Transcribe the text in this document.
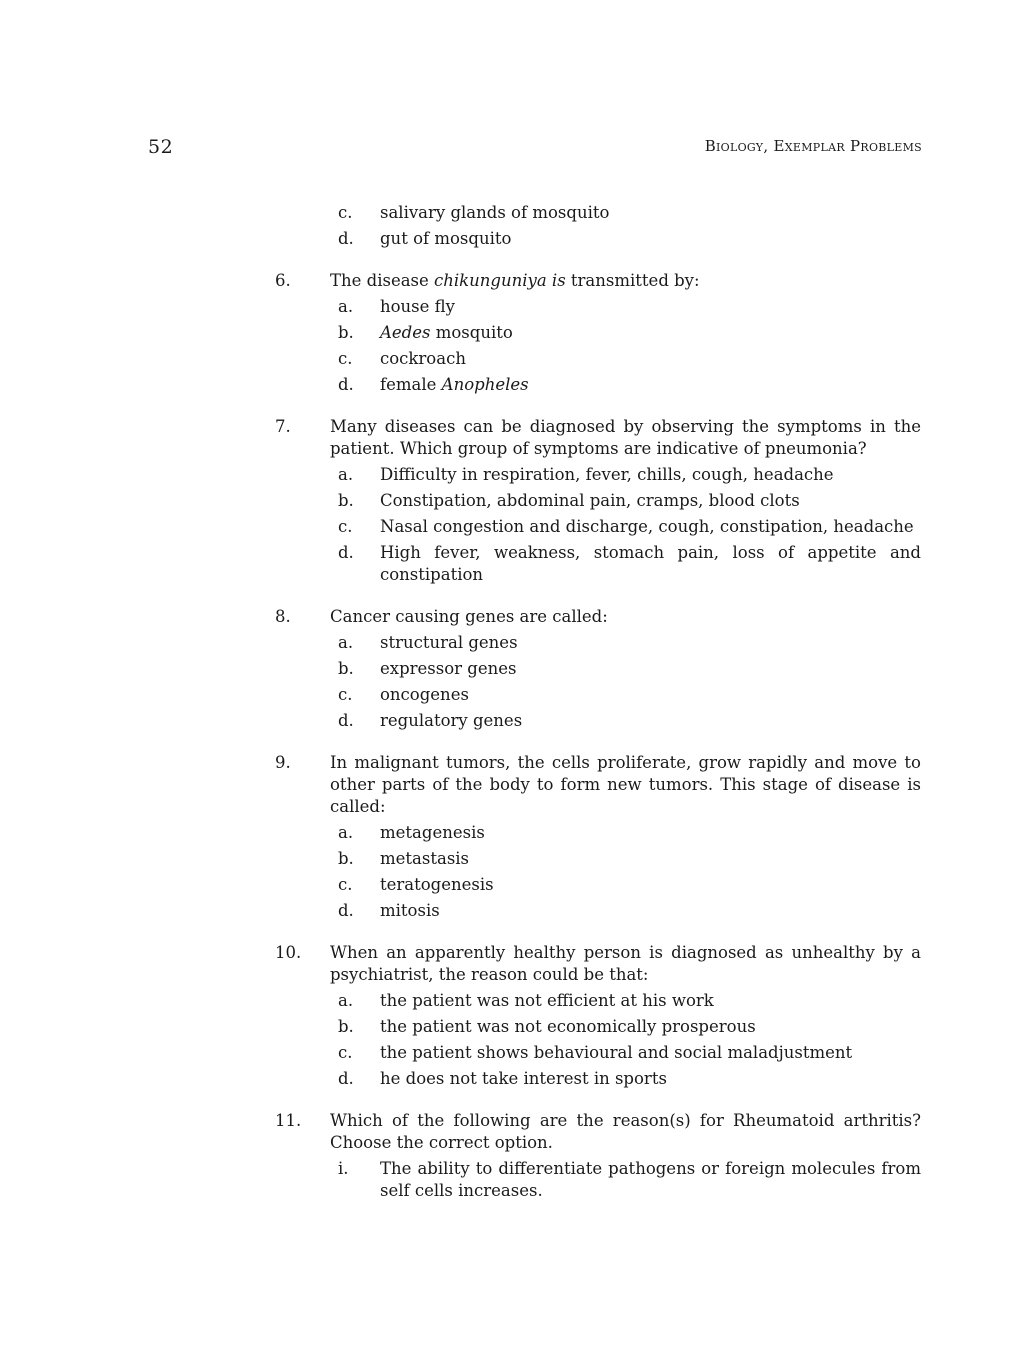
52	Biology, Exemplar Problems
c.	salivary glands of mosquito
d.	gut of mosquito
6.	The disease chikunguniya is transmitted by:
a.	house fly
b.	Aedes mosquito
c.	cockroach
d.	female Anopheles
7.	Many diseases can be diagnosed by observing the symptoms in the patient. Which group of symptoms are indicative of pneumonia?
a.	Difficulty in respiration, fever, chills, cough, headache
b.	Constipation, abdominal pain, cramps, blood clots
c.	Nasal congestion and discharge, cough, constipation, headache
d.	High fever, weakness, stomach pain, loss of appetite and constipation
8.	Cancer causing genes are called:
a.	structural genes
b.	expressor genes
c.	oncogenes
d.	regulatory genes
9.	In malignant tumors, the cells proliferate, grow rapidly and move to other parts of the body to form new tumors. This stage of disease is called:
a.	metagenesis
b.	metastasis
c.	teratogenesis
d.	mitosis
10.	When an apparently healthy person is diagnosed as unhealthy by a psychiatrist, the reason could be that:
a.	the patient was not efficient at his work
b.	the patient was not economically prosperous
c.	the patient shows behavioural and social maladjustment
d.	he does not take interest in sports
11.	Which of the following are the reason(s) for Rheumatoid arthritis? Choose the correct option.
i.	The ability to differentiate pathogens or foreign molecules from self cells increases.
